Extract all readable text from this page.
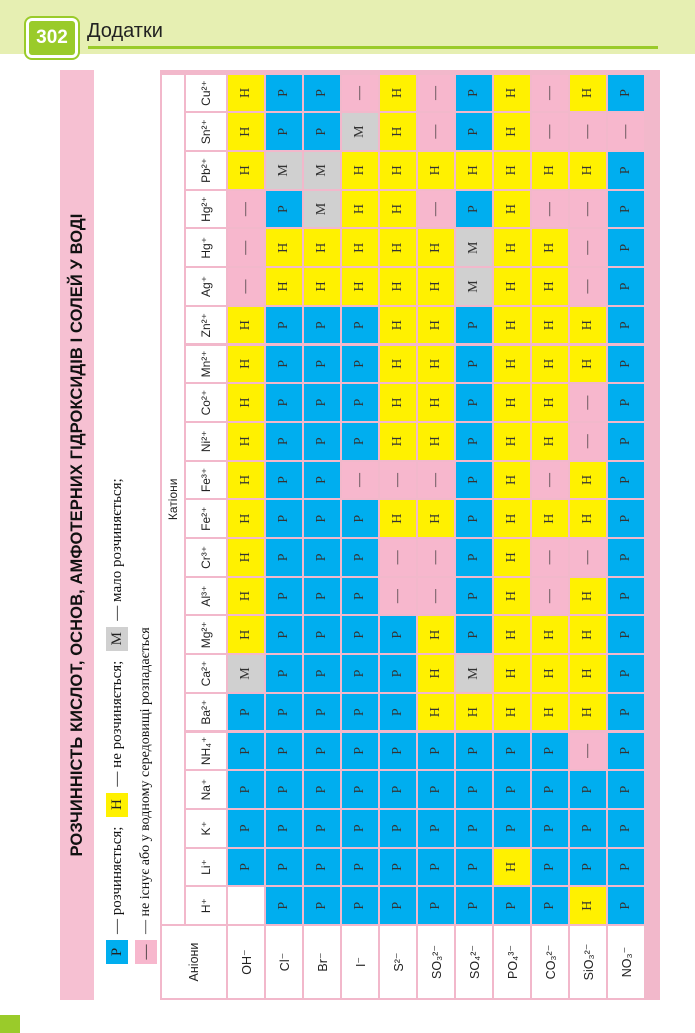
302 Додатки
РОЗЧИННІСТЬ КИСЛОТ, ОСНОВ, АМФОТЕРНИХ ГІДРОКСИДІВ І СОЛЕЙ У ВОДІ
Р
— розчиняється;
Н
— не розчиняється;
М
— мало розчиняється;
—
— не існує або у водному середовищі розпадається
Аніони
Катіони
H⁺
Li⁺
K⁺
Na⁺
NH₄⁺
Ba²⁺
Ca²⁺
Mg²⁺
Al³⁺
Cr³⁺
Fe²⁺
Fe³⁺
Ni²⁺
Co²⁺
Mn²⁺
Zn²⁺
Ag⁺
Hg⁺
Hg²⁺
Pb²⁺
Sn²⁺
Cu²⁺
OH⁻
Р
Р
Р
Р
Р
М
Н
Н
Н
Н
Н
Н
Н
Н
Н
—
—
—
Н
Н
Н
Cl⁻
Р
Р
Р
Р
Р
Р
Р
Р
Р
Р
Р
Р
Р
Р
Р
Р
Н
Н
Р
М
Р
Р
Br⁻
Р
Р
Р
Р
Р
Р
Р
Р
Р
Р
Р
Р
Р
Р
Р
Р
Н
Н
М
М
Р
Р
I⁻
Р
Р
Р
Р
Р
Р
Р
Р
Р
Р
Р
—
Р
Р
Р
Р
Н
Н
Н
Н
М
—
S²⁻
Р
Р
Р
Р
Р
Р
Р
Р
—
—
Н
—
Н
Н
Н
Н
Н
Н
Н
Н
Н
Н
SO₃²⁻
Р
Р
Р
Р
Р
Н
Н
Н
—
—
Н
—
Н
Н
Н
Н
Н
Н
—
Н
—
—
SO₄²⁻
Р
Р
Р
Р
Р
Н
М
Р
Р
Р
Р
Р
Р
Р
Р
Р
М
М
Р
Н
Р
Р
PO₄³⁻
Р
Н
Р
Р
Р
Н
Н
Н
Н
Н
Н
Н
Н
Н
Н
Н
Н
Н
Н
Н
Н
Н
CO₃²⁻
Р
Р
Р
Р
Р
Н
Н
Н
—
—
Н
—
Н
Н
Н
Н
Н
Н
—
Н
—
—
SiO₃²⁻
Н
Р
Р
Р
—
Н
Н
Н
Н
—
Н
Н
—
—
Н
Н
—
—
—
Н
—
Н
NO₃⁻
Р
Р
Р
Р
Р
Р
Р
Р
Р
Р
Р
Р
Р
Р
Р
Р
Р
Р
Р
Р
—
Р
